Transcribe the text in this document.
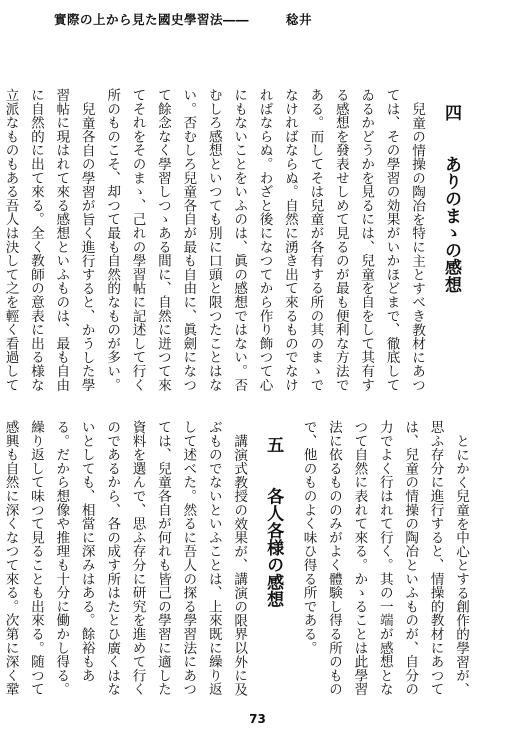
實際の上から見た國史學習法――	稔井
四 ありのまゝの感想

兒童の情操の陶冶を特に主とすべき教材にあつては、その學習の効果がいかほどまで、徹底してゐるかどうかを見るには、兒童を自をして其有する感想を發表せしめて見るのが最も便利な方法である。而してそは兒童が各有する所の其のまゝでなければならぬ。自然に湧き出て來るものでなければならぬ。わざと後になつてから作り飾つて心にもないことをいふのは、眞の感想ではない。否むしろ感想といつても別に口頭と限つたことはない。否むしろ兒童各自が最も自由に、眞劍になつて餘念なく學習しつゝある間に、自然に迸つて來てそれをそのまゝ、己れの學習帖に記述して行く所のものこそ、却つて最も自然的なものが多い。

兒童各自の學習が旨く進行すると、かうした學習帖に現はれて來る感想といふものは、最も自由に自然的に出て來る。全く教師の意表に出る様な立派なものもある吾人は決して之を輕く看過して

とにかく兒童を中心とする創作的學習が、思ふ存分に進行すると、情操的教材にあつては、兒童の情操の陶冶といふものが、自分の力でよく行はれて行く。其の一端が感想となつて自然に表れて來る。かゝることは此學習法に依るもののみがよく體験し得る所のもので、他のものよく味ひ得る所である。

五 各人各様の感想

講演式教授の效果が、講演の限界以外に及ぶものでないといふことは、上來既に繰り返して述べた。然るに吾人の探る學習法にあつては、兒童各自が何れも皆己の學習に適した資料を選んで、思ふ存分に研究を進めて行くのであるから、各の成す所はたとひ廣くはないとしても、相當に深みはある。餘裕もある。だから想像や推理も十分に働かし得る。繰り返して味つて見ることも出來る。随つて感興も自然に深くなつて來る。次第に深く鞏

73
